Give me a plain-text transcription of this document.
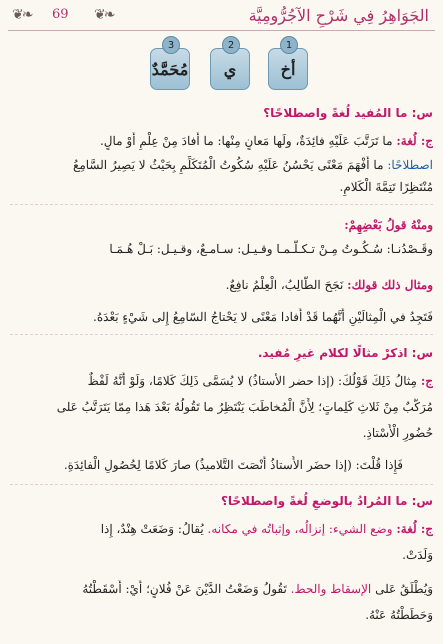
الجَوَاهِرُ فِي شَرْحِ الآجُرُّومِيَّة
❧❦ 69 ❧❦
3
مُحَمَّدٌ
2
ي
1
أخ
س: ما المُفيد لُغةً واصطلاحًا؟
ج: لُغة: ما تَرَتَّبَ عَلَيْهِ فائِدَةٌ، ولَها مَعانٍ مِنْها: ما أَفادَ مِنْ عِلْمٍ أَوْ مالٍ.
اصطلاحًا: ما أَفْهَمَ مَعْنًى يَحْسُنُ عَلَيْهِ سُكُوتُ الْمُتَكَلِّمِ بِحَيْثُ لا يَصِيرُ السَّامِعُ
مُنْتَظِرًا تَتِمَّةَ الْكَلامِ.
ومنْهُ قولُ بَعْضِهِمْ:
وقَـصْدُنـا: سُـكُـوتُ مِـنْ تـكـلّـمـا وقـيـل: سـامـعٌ، وقـيـل: بَـلْ هُـمَـا
ومثال ذلك قولك: نَجَحَ الطَّالِبُ، الْعِلْمُ نافِعٌ.
فَتَجِدُ في الْمِثالَيْنِ أَنَّهُما قَدْ أَفادا مَعْنًى لا يَحْتاجُ السّامِعُ إِلى شَيْءٍ بَعْدَهُ.
س: اذكرْ مثالًا لكلام غيرِ مُفيد.
ج: مِثالُ ذَلِكَ قَوْلُكَ: (إذا حضر الأستاذُ) لا يُسَمَّى ذَلِكَ كَلامًا، وَلَوْ أَنَّهُ لَفْظٌ
مُرَكَّبٌ مِنْ ثَلاثِ كَلِماتٍ؛ لِأَنَّ الْمُخاطَبَ يَنْتَظِرُ ما تَقُولُهُ بَعْدَ هَذا مِمّا يَتَرَتَّبُ عَلى
حُضُورِ الْأُسْتاذِ.
فَإِذا قُلْتَ: (إذا حضَر الأُستاذُ أَنْصَتَ التَّلاميذُ) صارَ كَلامًا لِحُصُولِ الْفائِدَةِ.
س: ما المُرادُ بالوضعِ لُغةً واصطلاحًا؟
ج: لُغة: وضع الشيء: إنزالُه، وإثباتُه في مكانه. يُقالُ: وَضَعَتْ هِنْدٌ، إِذا
وَلَدَتْ.
وَيُطْلَقُ عَلى الإسقاط والحط. تَقُولُ وَضَعْتُ الدَّيْنَ عَنْ فُلانٍ؛ أَيْ: أَسْقَطْتُهُ
وَحَطَطْتُهُ عَنْهُ.
